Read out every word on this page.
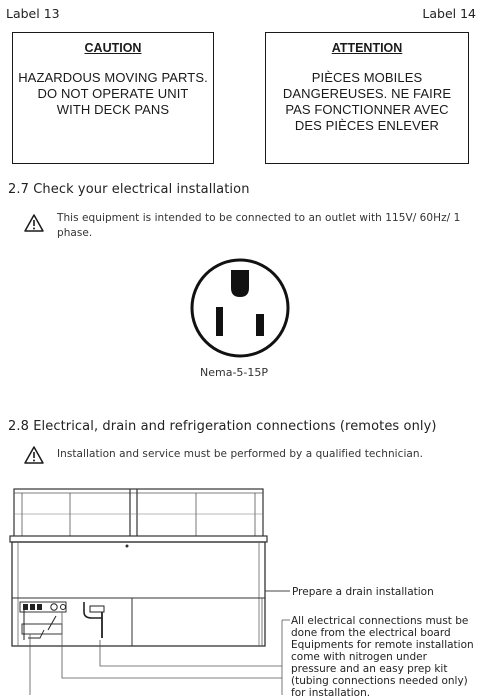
Label 13	Label 14
CAUTION
HAZARDOUS MOVING PARTS.
DO NOT OPERATE UNIT
WITH DECK PANS
ATTENTION
PIÈCES MOBILES
DANGEREUSES. NE FAIRE
PAS FONCTIONNER AVEC
DES PIÈCES ENLEVER
2.7 Check your electrical installation
This equipment is intended to be connected to an outlet with 115V/ 60Hz/ 1
phase.
Nema-5-15P
2.8 Electrical, drain and refrigeration connections (remotes only)
Installation and service must be performed by a qualified technician.
Prepare a drain installation
All electrical connections must be
done from the electrical board
Equipments for remote installation
come with nitrogen under
pressure and an easy prep kit
(tubing connections needed only)
for installation.
